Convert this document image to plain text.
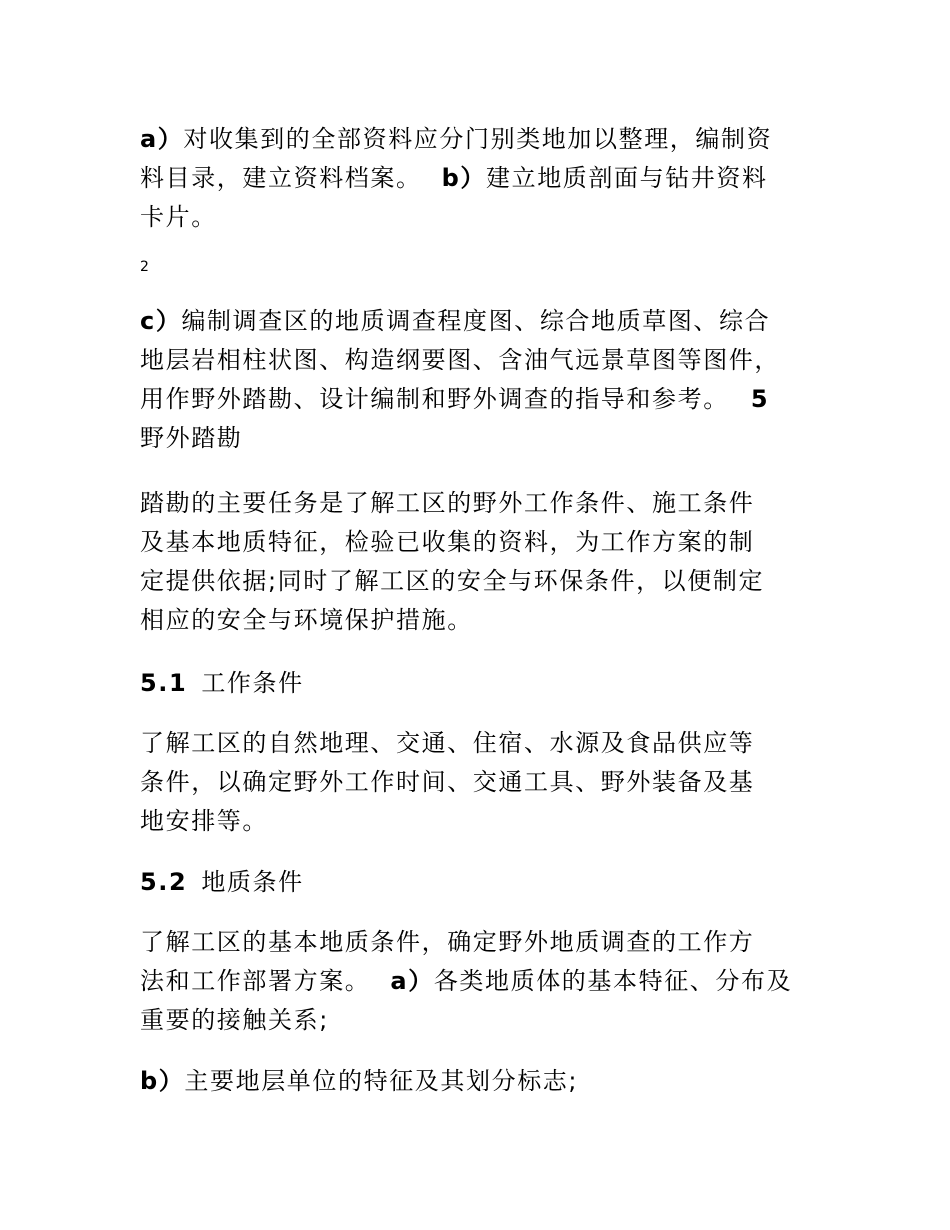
a）对收集到的全部资料应分门别类地加以整理，编制资
料目录，建立资料档案。 b）建立地质剖面与钻井资料
卡片。

2

c）编制调查区的地质调查程度图、综合地质草图、综合
地层岩相柱状图、构造纲要图、含油气远景草图等图件，
用作野外踏勘、设计编制和野外调查的指导和参考。 5
野外踏勘

踏勘的主要任务是了解工区的野外工作条件、施工条件
及基本地质特征，检验已收集的资料，为工作方案的制
定提供依据;同时了解工区的安全与环保条件，以便制定
相应的安全与环境保护措施。

5.1 工作条件

了解工区的自然地理、交通、住宿、水源及食品供应等
条件，以确定野外工作时间、交通工具、野外装备及基
地安排等。

5.2 地质条件

了解工区的基本地质条件，确定野外地质调查的工作方
法和工作部署方案。 a）各类地质体的基本特征、分布及
重要的接触关系;

b）主要地层单位的特征及其划分标志;
